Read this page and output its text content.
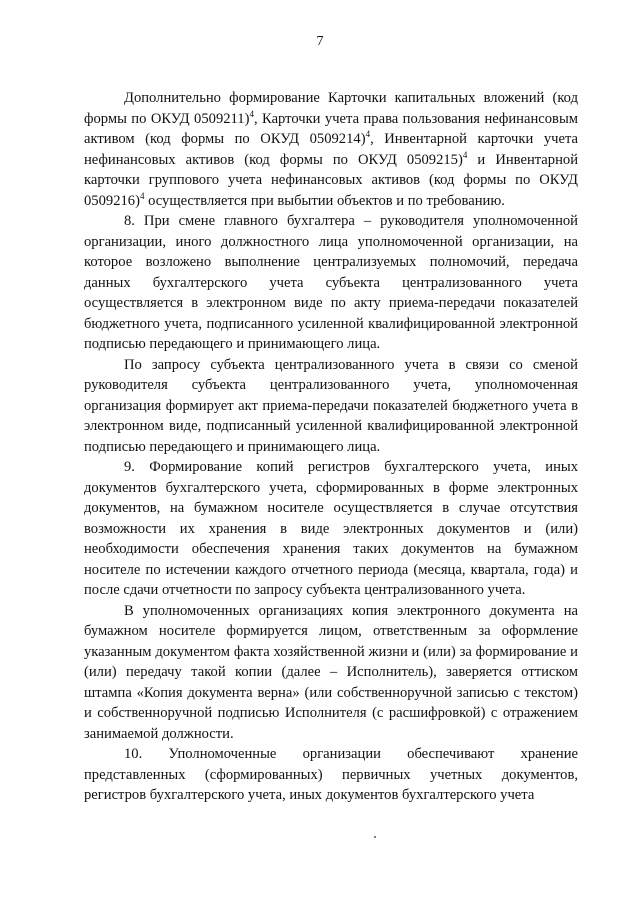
7

Дополнительно формирование Карточки капитальных вложений (код формы по ОКУД 0509211)$^4$, Карточки учета права пользования нефинансовым активом (код формы по ОКУД 0509214)$^4$, Инвентарной карточки учета нефинансовых активов (код формы по ОКУД 0509215)$^4$ и Инвентарной карточки группового учета нефинансовых активов (код формы по ОКУД 0509216)$^4$ осуществляется при выбытии объектов и по требованию.

8. При смене главного бухгалтера – руководителя уполномоченной организации, иного должностного лица уполномоченной организации, на которое возложено выполнение централизуемых полномочий, передача данных бухгалтерского учета субъекта централизованного учета осуществляется в электронном виде по акту приема-передачи показателей бюджетного учета, подписанного усиленной квалифицированной электронной подписью передающего и принимающего лица.

По запросу субъекта централизованного учета в связи со сменой руководителя субъекта централизованного учета, уполномоченная организация формирует акт приема-передачи показателей бюджетного учета в электронном виде, подписанный усиленной квалифицированной электронной подписью передающего и принимающего лица.

9. Формирование копий регистров бухгалтерского учета, иных документов бухгалтерского учета, сформированных в форме электронных документов, на бумажном носителе осуществляется в случае отсутствия возможности их хранения в виде электронных документов и (или) необходимости обеспечения хранения таких документов на бумажном носителе по истечении каждого отчетного периода (месяца, квартала, года) и после сдачи отчетности по запросу субъекта централизованного учета.

В уполномоченных организациях копия электронного документа на бумажном носителе формируется лицом, ответственным за оформление указанным документом факта хозяйственной жизни и (или) за формирование и (или) передачу такой копии (далее – Исполнитель), заверяется оттиском штампа «Копия документа верна» (или собственноручной записью с текстом) и собственноручной подписью Исполнителя (с расшифровкой) с отражением занимаемой должности.

10. Уполномоченные организации обеспечивают хранение представленных (сформированных) первичных учетных документов, регистров бухгалтерского учета, иных документов бухгалтерского учета
